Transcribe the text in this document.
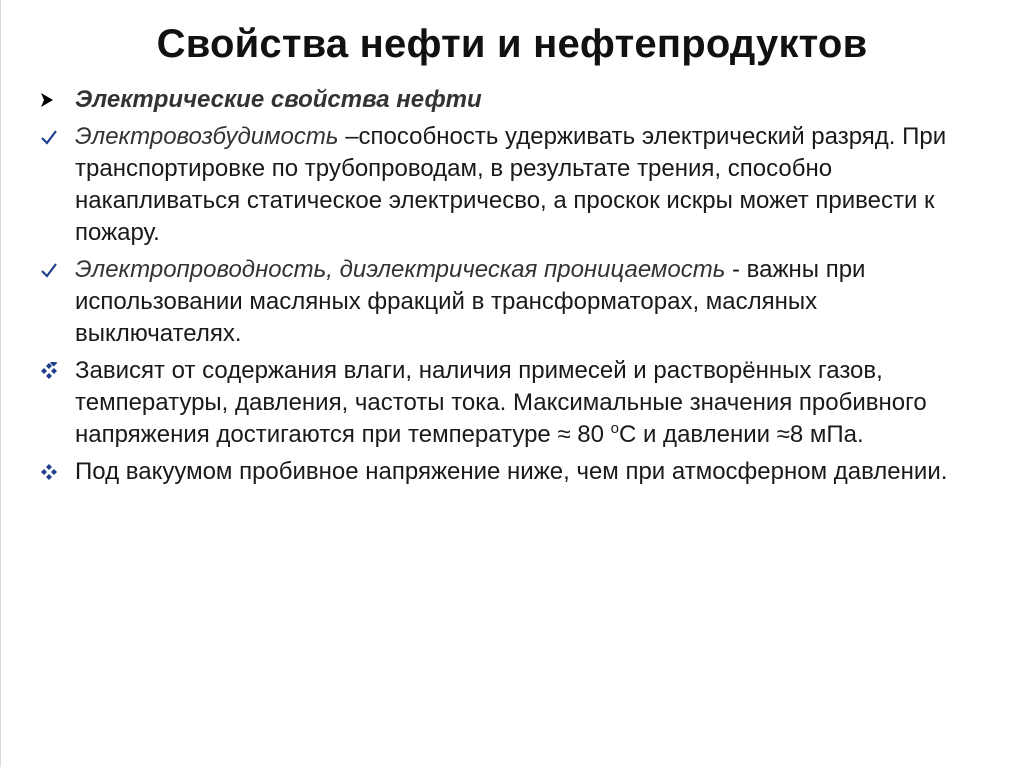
Свойства нефти и нефтепродуктов
Электрические свойства нефти
Электровозбудимость –способность удерживать электрический разряд. При транспортировке по трубопроводам, в результате трения, способно накапливаться статическое электричесво, а проскок искры может привести к пожару.
Электропроводность, диэлектрическая проницаемость - важны при использовании масляных фракций в трансформаторах, масляных выключателях.
Зависят от содержания влаги, наличия примесей и растворённых газов, температуры, давления, частоты тока. Максимальные значения пробивного напряжения достигаются при температуре ≈ 80 $^о$С и давлении ≈8 мПа.
Под вакуумом пробивное напряжение ниже, чем при атмосферном давлении.
